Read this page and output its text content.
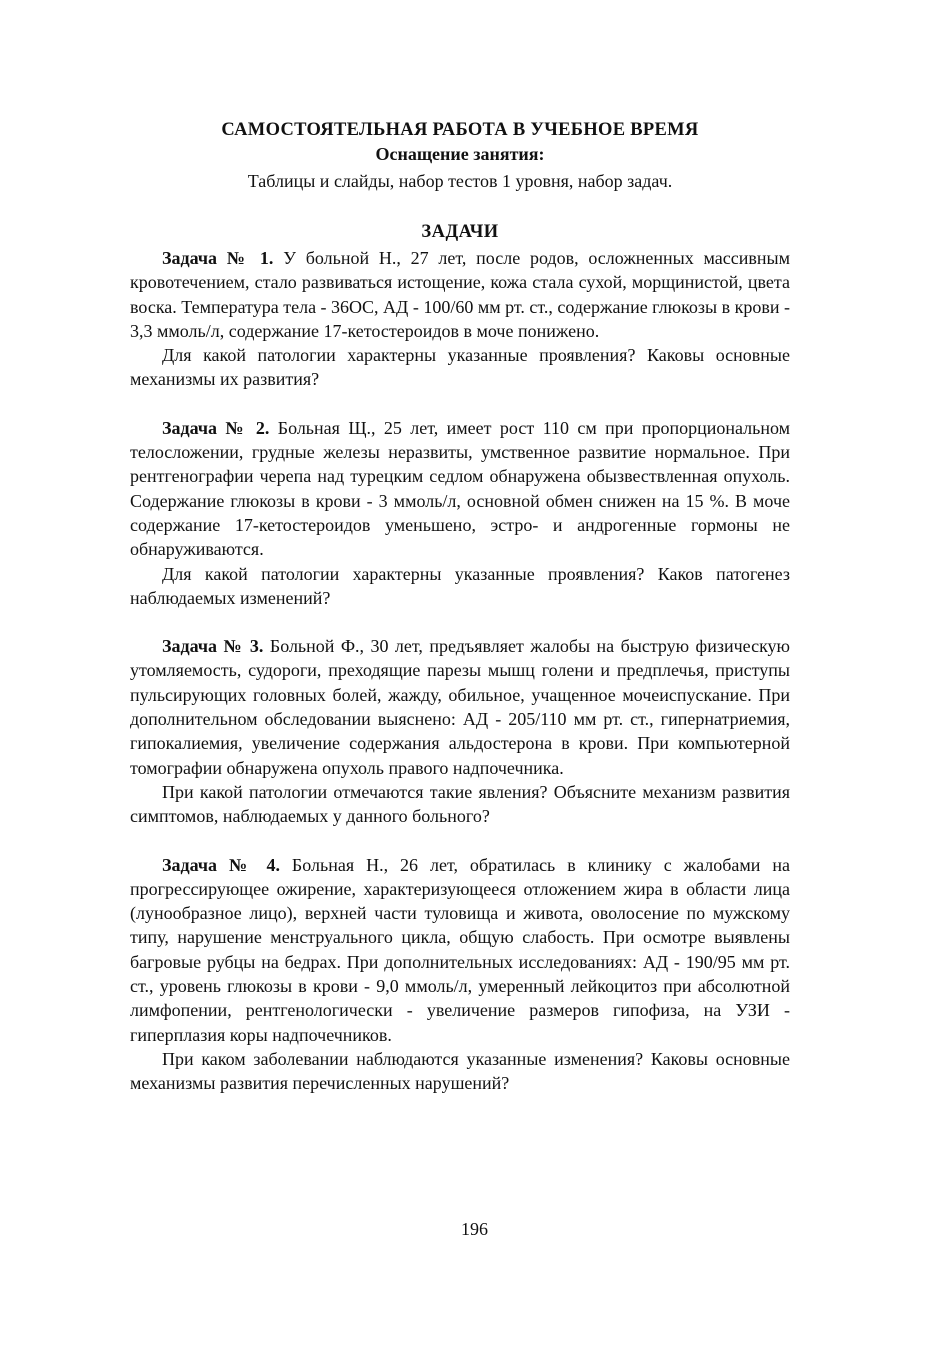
САМОСТОЯТЕЛЬНАЯ РАБОТА В УЧЕБНОЕ ВРЕМЯ
Оснащение занятия:
Таблицы и слайды, набор тестов 1 уровня, набор задач.
ЗАДАЧИ

Задача № 1. У больной Н., 27 лет, после родов, осложненных массивным кровотечением, стало развиваться истощение, кожа стала сухой, морщинистой, цвета воска. Температура тела - 36OC, АД - 100/60 мм рт. ст., содержание глюкозы в крови - 3,3 ммоль/л, содержание 17-кетостероидов в моче понижено.

Для какой патологии характерны указанные проявления? Каковы основные механизмы их развития?

Задача № 2. Больная Щ., 25 лет, имеет рост 110 см при пропорциональном телосложении, грудные железы неразвиты, умственное развитие нормальное. При рентгенографии черепа над турецким седлом обнаружена обызвествленная опухоль. Содержание глюкозы в крови - 3 ммоль/л, основной обмен снижен на 15 %. В моче содержание 17-кетостероидов уменьшено, эстро- и андрогенные гормоны не обнаруживаются.

Для какой патологии характерны указанные проявления? Каков патогенез наблюдаемых изменений?

Задача № 3. Больной Ф., 30 лет, предъявляет жалобы на быструю физическую утомляемость, судороги, преходящие парезы мышц голени и предплечья, приступы пульсирующих головных болей, жажду, обильное, учащенное мочеиспускание. При дополнительном обследовании выяснено: АД - 205/110 мм рт. ст., гипернатриемия, гипокалиемия, увеличение содержания альдостерона в крови. При компьютерной томографии обнаружена опухоль правого надпочечника.

При какой патологии отмечаются такие явления? Объясните механизм развития симптомов, наблюдаемых у данного больного?

Задача № 4. Больная Н., 26 лет, обратилась в клинику с жалобами на прогрессирующее ожирение, характеризующееся отложением жира в области лица (лунообразное лицо), верхней части туловища и живота, оволосение по мужскому типу, нарушение менструального цикла, общую слабость. При осмотре выявлены багровые рубцы на бедрах. При дополнительных исследованиях: АД - 190/95 мм рт. ст., уровень глюкозы в крови - 9,0 ммоль/л, умеренный лейкоцитоз при абсолютной лимфопении, рентгенологически - увеличение размеров гипофиза, на УЗИ - гиперплазия коры надпочечников.

При каком заболевании наблюдаются указанные изменения? Каковы основные механизмы развития перечисленных нарушений?

196
